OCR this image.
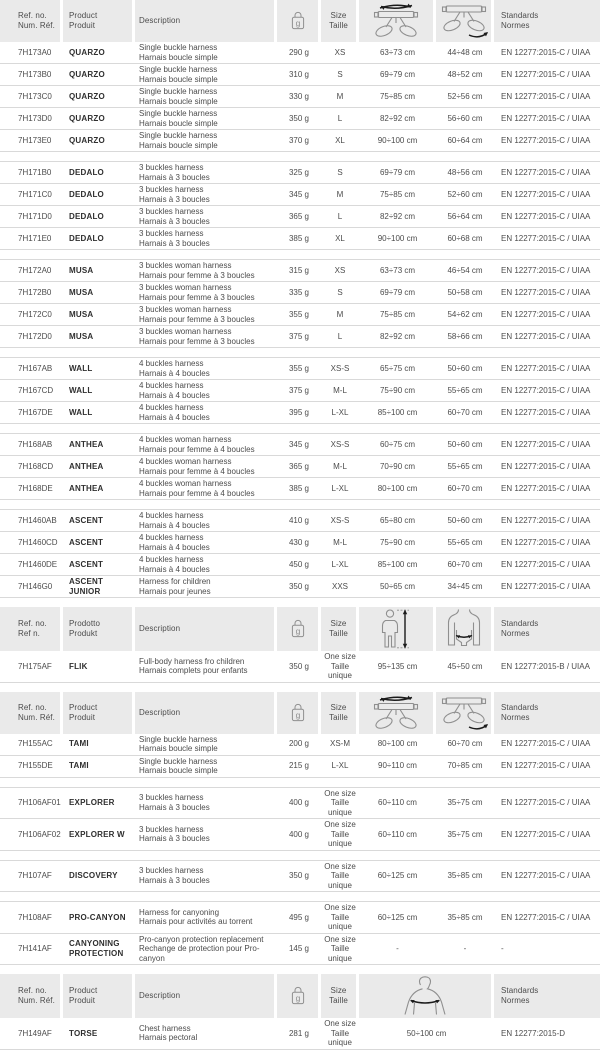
Ref. no.
Num. Réf.
Product
Produit
Description	g
Size
Taille
Standards
Normes
7H173A0	QUARZO
Single buckle harness
Harnais boucle simple
290 g	XS	63÷73 cm	44÷48 cm	EN 12277:2015-C / UIAA
7H173B0	QUARZO
Single buckle harness
Harnais boucle simple
310 g	S	69÷79 cm	48÷52 cm	EN 12277:2015-C / UIAA
7H173C0	QUARZO
Single buckle harness
Harnais boucle simple
330 g	M	75÷85 cm	52÷56 cm	EN 12277:2015-C / UIAA
7H173D0	QUARZO
Single buckle harness
Harnais boucle simple
350 g	L	82÷92 cm	56÷60 cm	EN 12277:2015-C / UIAA
7H173E0	QUARZO
Single buckle harness
Harnais boucle simple
370 g	XL	90÷100 cm	60÷64 cm	EN 12277:2015-C / UIAA
7H171B0	DEDALO
3 buckles harness
Harnais à 3 boucles
325 g	S	69÷79 cm	48÷56 cm	EN 12277:2015-C / UIAA
7H171C0	DEDALO
3 buckles harness
Harnais à 3 boucles
345 g	M	75÷85 cm	52÷60 cm	EN 12277:2015-C / UIAA
7H171D0	DEDALO
3 buckles harness
Harnais à 3 boucles
365 g	L	82÷92 cm	56÷64 cm	EN 12277:2015-C / UIAA
7H171E0	DEDALO
3 buckles harness
Harnais à 3 boucles
385 g	XL	90÷100 cm	60÷68 cm	EN 12277:2015-C / UIAA
7H172A0	MUSA
3 buckles woman harness
Harnais pour femme à 3 boucles
315 g	XS	63÷73 cm	46÷54 cm	EN 12277:2015-C / UIAA
7H172B0	MUSA
3 buckles woman harness
Harnais pour femme à 3 boucles
335 g	S	69÷79 cm	50÷58 cm	EN 12277:2015-C / UIAA
7H172C0	MUSA
3 buckles woman harness
Harnais pour femme à 3 boucles
355 g	M	75÷85 cm	54÷62 cm	EN 12277:2015-C / UIAA
7H172D0	MUSA
3 buckles woman harness
Harnais pour femme à 3 boucles
375 g	L	82÷92 cm	58÷66 cm	EN 12277:2015-C / UIAA
7H167AB	WALL
4 buckles harness
Harnais à 4 boucles
355 g	XS-S	65÷75 cm	50÷60 cm	EN 12277:2015-C / UIAA
7H167CD	WALL
4 buckles harness
Harnais à 4 boucles
375 g	M-L	75÷90 cm	55÷65 cm	EN 12277:2015-C / UIAA
7H167DE	WALL
4 buckles harness
Harnais à 4 boucles
395 g	L-XL	85÷100 cm	60÷70 cm	EN 12277:2015-C / UIAA
7H168AB	ANTHEA
4 buckles woman harness
Harnais pour femme à 4 boucles
345 g	XS-S	60÷75 cm	50÷60 cm	EN 12277:2015-C / UIAA
7H168CD	ANTHEA
4 buckles woman harness
Harnais pour femme à 4 boucles
365 g	M-L	70÷90 cm	55÷65 cm	EN 12277:2015-C / UIAA
7H168DE	ANTHEA
4 buckles woman harness
Harnais pour femme à 4 boucles
385 g	L-XL	80÷100 cm	60÷70 cm	EN 12277:2015-C / UIAA
7H1460AB	ASCENT
4 buckles harness
Harnais à 4 boucles
410 g	XS-S	65÷80 cm	50÷60 cm	EN 12277:2015-C / UIAA
7H1460CD	ASCENT
4 buckles harness
Harnais à 4 boucles
430 g	M-L	75÷90 cm	55÷65 cm	EN 12277:2015-C / UIAA
7H1460DE	ASCENT
4 buckles harness
Harnais à 4 boucles
450 g	L-XL	85÷100 cm	60÷70 cm	EN 12277:2015-C / UIAA
7H146G0
ASCENT JUNIOR
Harness for children
Harnais pour jeunes
350 g	XXS	50÷65 cm	34÷45 cm	EN 12277:2015-C / UIAA
Ref. no.
Ref n.
Prodotto
Produkt
Description	g
Size
Taille
Standards
Normes
7H175AF	FLIK
Full-body harness fro children
Harnais complets pour enfants
350 g
One size
Taille unique
95÷135 cm	45÷50 cm	EN 12277:2015-B / UIAA
Ref. no.
Num. Réf.
Product
Produit
Description	g
Size
Taille
Standards
Normes
7H155AC	TAMI
Single buckle harness
Harnais boucle simple
200 g	XS-M	80÷100 cm	60÷70 cm	EN 12277:2015-C / UIAA
7H155DE	TAMI
Single buckle harness
Harnais boucle simple
215 g	L-XL	90÷110 cm	70÷85 cm	EN 12277:2015-C / UIAA
7H106AF01 EXPLORER
3 buckles harness
Harnais à 3 boucles
400 g
One size
Taille unique
60÷110 cm	35÷75 cm	EN 12277:2015-C / UIAA
7H106AF02 EXPLORER W
3 buckles harness
Harnais à 3 boucles
400 g
One size
Taille unique
60÷110 cm	35÷75 cm	EN 12277:2015-C / UIAA
7H107AF	DISCOVERY
3 buckles harness
Harnais à 3 boucles
350 g
One size
Taille unique
60÷125 cm	35÷85 cm	EN 12277:2015-C / UIAA
7H108AF	PRO-CANYON
Harness for canyoning
Harnais pour activités au torrent
495 g
One size
Taille unique
60÷125 cm	35÷85 cm	EN 12277:2015-C / UIAA
7H141AF
CANYONING
PROTECTION
Pro-canyon protection replacement
Rechange de protection pour Pro-canyon
145 g
One size
Taille unique
-	-	-
Ref. no.
Num. Réf.
Product
Produit
Description	g
Size
Taille
Standards
Normes
7H149AF	TORSE
Chest harness
Harnais pectoral
281 g
One size
Taille unique
50÷100 cm	EN 12277:2015-D
